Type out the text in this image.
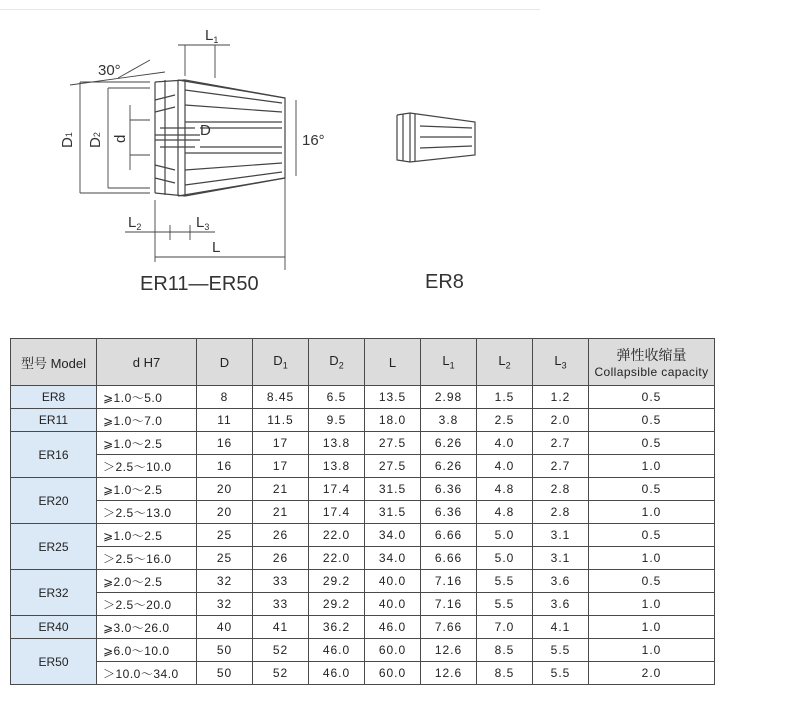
30°
16°
$L_1$
$L_2$	$L_3$
L
D1
D2
d	D
ER11—ER50	ER8
型号 Model	d H7	D	$D_1$	$D_2$	L	$L_1$	$L_2$	$L_3$	弹性收缩量
Collapsible capacity

ER8	⩾1.0～5.0	8	8.45	6.5	13.5	2.98	1.5	1.2	0.5
ER11	⩾1.0～7.0	11	11.5	9.5	18.0	3.8	2.5	2.0	0.5
ER16	⩾1.0～2.5	16	17	13.8	27.5	6.26	4.0	2.7	0.5
	＞2.5～10.0	16	17	13.8	27.5	6.26	4.0	2.7	1.0
ER20	⩾1.0～2.5	20	21	17.4	31.5	6.36	4.8	2.8	0.5
	＞2.5～13.0	20	21	17.4	31.5	6.36	4.8	2.8	1.0
ER25	⩾1.0～2.5	25	26	22.0	34.0	6.66	5.0	3.1	0.5
	＞2.5～16.0	25	26	22.0	34.0	6.66	5.0	3.1	1.0
ER32	⩾2.0～2.5	32	33	29.2	40.0	7.16	5.5	3.6	0.5
	＞2.5～20.0	32	33	29.2	40.0	7.16	5.5	3.6	1.0
ER40	⩾3.0～26.0	40	41	36.2	46.0	7.66	7.0	4.1	1.0
ER50	⩾6.0～10.0	50	52	46.0	60.0	12.6	8.5	5.5	1.0
	＞10.0～34.0	50	52	46.0	60.0	12.6	8.5	5.5	2.0
